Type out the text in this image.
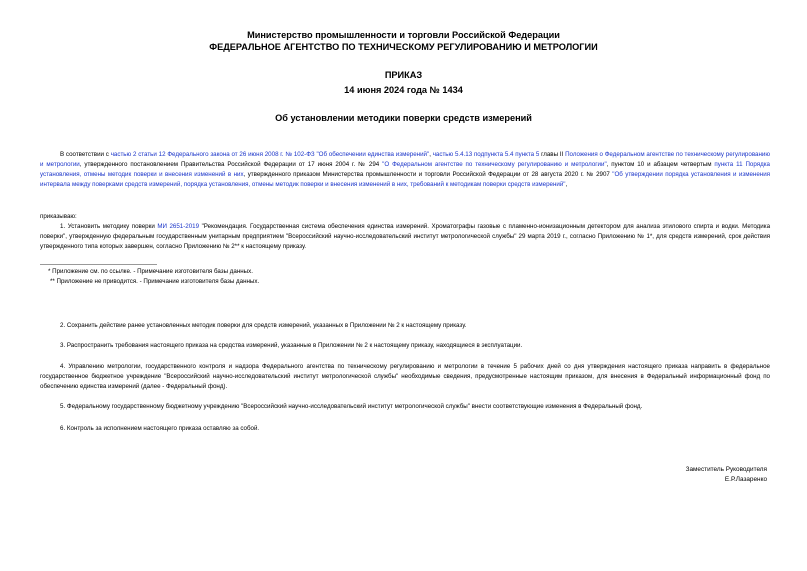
Министерство промышленности и торговли Российской Федерации
ФЕДЕРАЛЬНОЕ АГЕНТСТВО ПО ТЕХНИЧЕСКОМУ РЕГУЛИРОВАНИЮ И МЕТРОЛОГИИ
ПРИКАЗ
14 июня 2024 года № 1434
Об установлении методики поверки средств измерений
В соответствии с частью 2 статьи 12 Федерального закона от 26 июня 2008 г. № 102-ФЗ "Об обеспечении единства измерений", частью 5.4.13 подпункта 5.4 пункта 5 главы II Положения о Федеральном агентстве по техническому регулированию и метрологии, утвержденного постановлением Правительства Российской Федерации от 17 июня 2004 г. № 294 "О Федеральном агентстве по техническому регулированию и метрологии", пунктом 10 и абзацем четвертым пункта 11 Порядка установления, отмены методик поверки и внесения изменений в них, утвержденного приказом Министерства промышленности и торговли Российской Федерации от 28 августа 2020 г. № 2907 "Об утверждении порядка установления и изменения интервала между поверками средств измерений, порядка установления, отмены методик поверки и внесения изменений в них, требований к методикам поверки средств измерений",
приказываю:
1. Установить методику поверки МИ 2651-2019 "Рекомендация. Государственная система обеспечения единства измерений. Хроматографы газовые с пламенно-ионизационным детектором для анализа этилового спирта и водки. Методика поверки", утвержденную федеральным государственным унитарным предприятием "Всероссийский научно-исследовательский институт метрологической службы" 29 марта 2019 г., согласно Приложению № 1*, для средств измерений, срок действия утвержденного типа которых завершен, согласно Приложению № 2** к настоящему приказу.
* Приложение см. по ссылке. - Примечание изготовителя базы данных.
** Приложение не приводится. - Примечание изготовителя базы данных.
2. Сохранить действие ранее установленных методик поверки для средств измерений, указанных в Приложении № 2 к настоящему приказу.
3. Распространить требования настоящего приказа на средства измерений, указанные в Приложении № 2 к настоящему приказу, находящиеся в эксплуатации.
4. Управлению метрологии, государственного контроля и надзора Федерального агентства по техническому регулированию и метрологии в течение 5 рабочих дней со дня утверждения настоящего приказа направить в федеральное государственное бюджетное учреждение "Всероссийский научно-исследовательский институт метрологической службы" необходимые сведения, предусмотренные настоящим приказом, для внесения в Федеральный информационный фонд по обеспечению единства измерений (далее - Федеральный фонд).
5. Федеральному государственному бюджетному учреждению "Всероссийский научно-исследовательский институт метрологической службы" внести соответствующие изменения в Федеральный фонд.
6. Контроль за исполнением настоящего приказа оставляю за собой.
Заместитель Руководителя
Е.Р.Лазаренко
